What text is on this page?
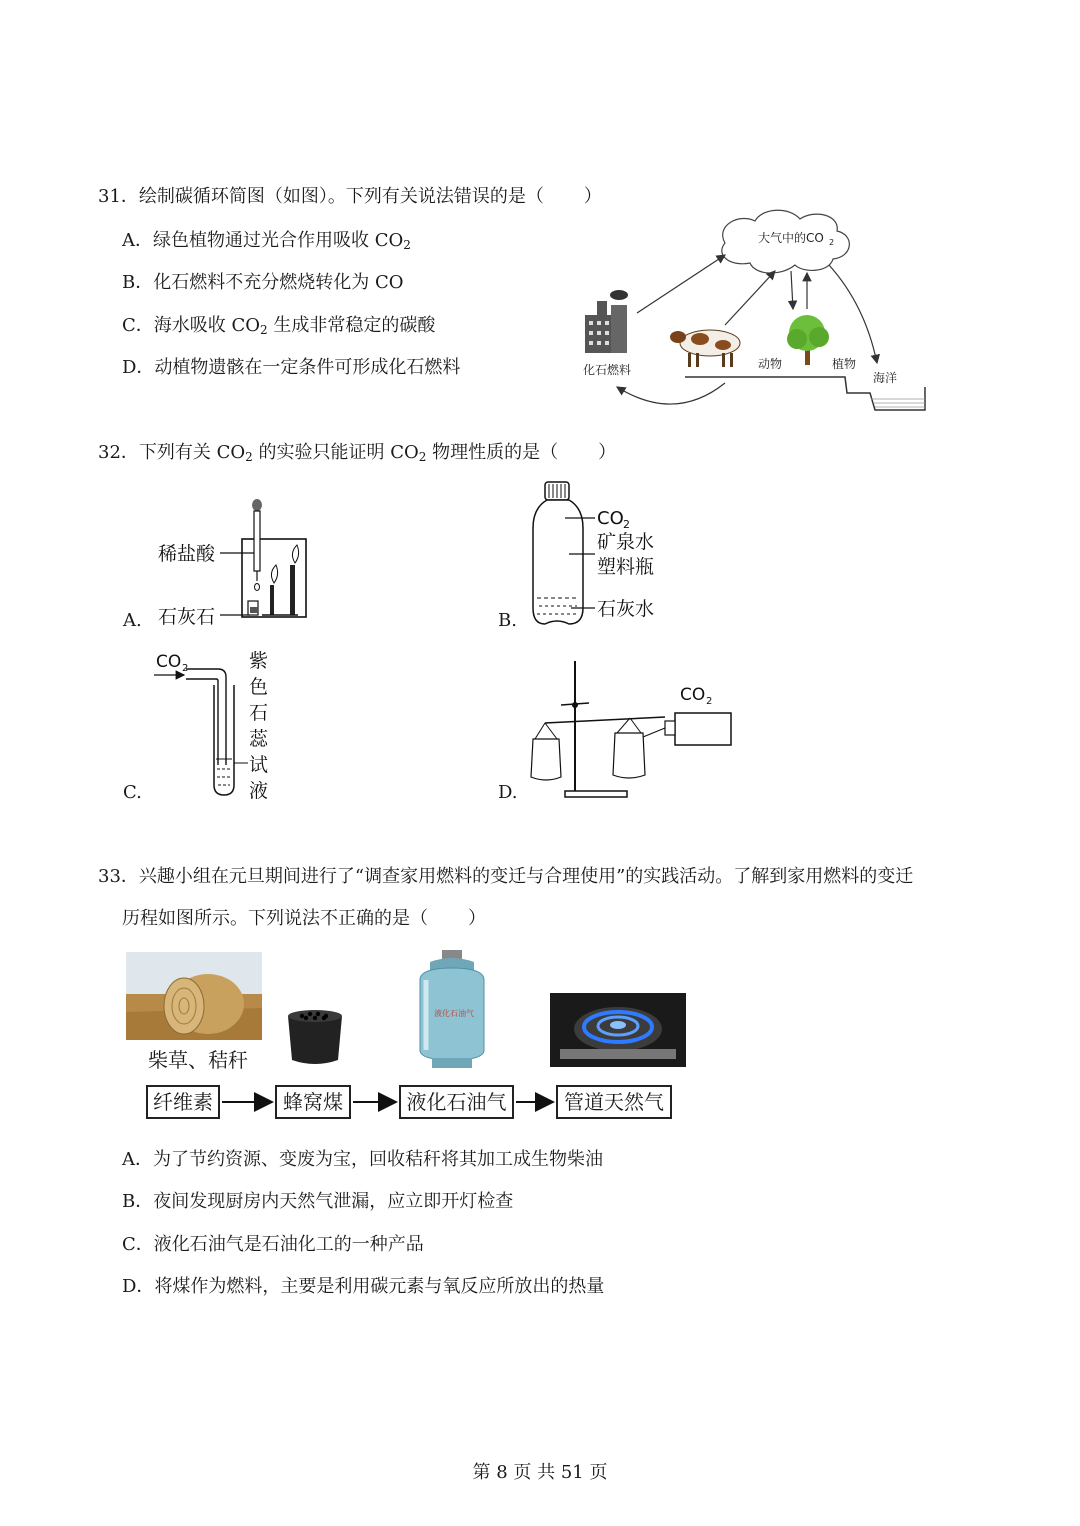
31．绘制碳循环简图（如图）。下列有关说法错误的是（ ）
A．绿色植物通过光合作用吸收 $CO_2$
B．化石燃料不充分燃烧转化为 CO
C．海水吸收 $CO_2$ 生成非常稳定的碳酸
D．动植物遗骸在一定条件可形成化石燃料
大气中的CO 2
化石燃料	动物	植物
海洋
32．下列有关 $CO_2$ 的实验只能证明 $CO_2$ 物理性质的是（ ）
A.
稀盐酸
石灰石	B.
CO 2
矿泉水
塑料瓶
石灰水
C.
CO 2	紫
色
石
蕊
试
液	D.
CO 2
33．兴趣小组在元旦期间进行了“调查家用燃料的变迁与合理使用”的实践活动。了解到家用燃料的变迁
历程如图所示。下列说法不正确的是（ ）
柴草、秸秆
液化石油气
纤维素	蜂窝煤	液化石油气	管道天然气
A．为了节约资源、变废为宝，回收秸秆将其加工成生物柴油
B．夜间发现厨房内天然气泄漏，应立即开灯检查
C．液化石油气是石油化工的一种产品
D．将煤作为燃料，主要是利用碳元素与氧反应所放出的热量
第 8 页 共 51 页
